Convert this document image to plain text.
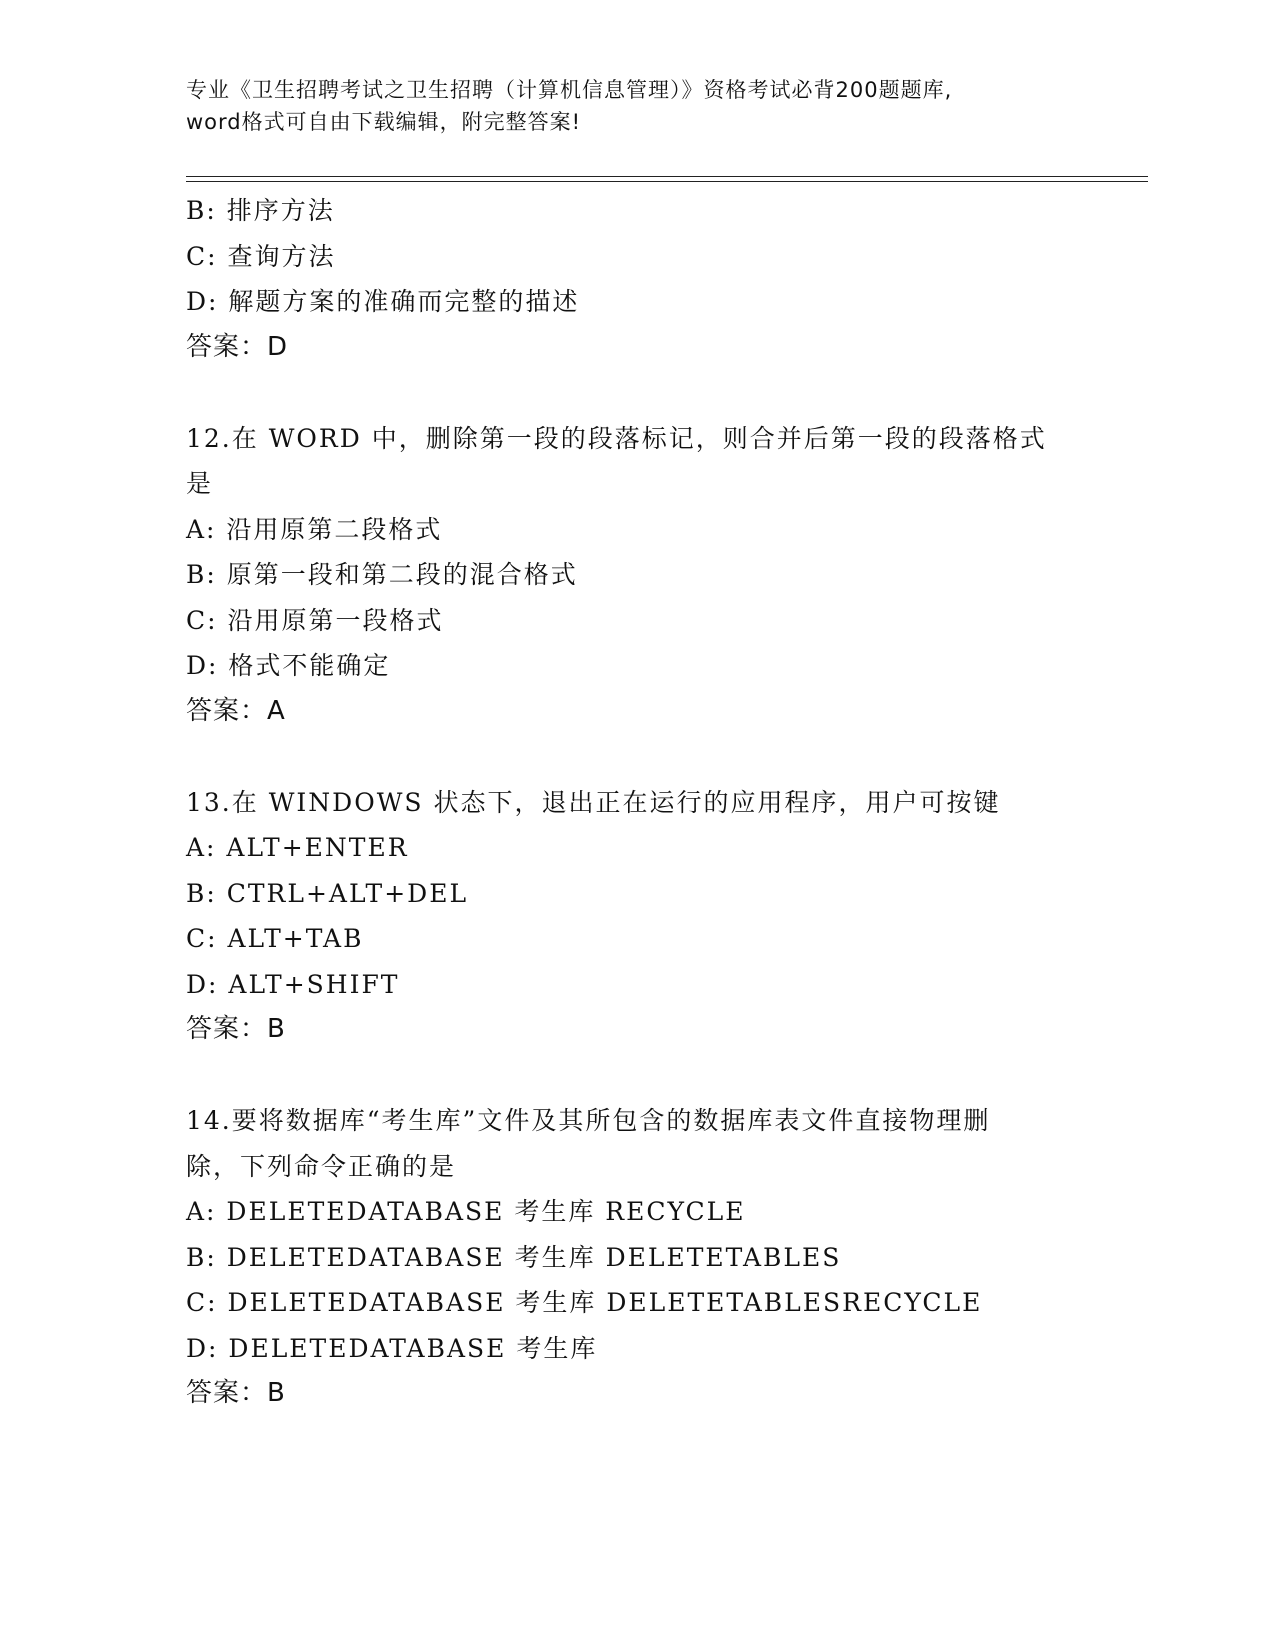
专业《卫生招聘考试之卫生招聘（计算机信息管理）》资格考试必背200题题库,
word格式可自由下载编辑，附完整答案!
B: 排序方法
C: 查询方法
D: 解题方案的准确而完整的描述
答案：D
12.在 WORD 中，删除第一段的段落标记，则合并后第一段的段落格式
是
A: 沿用原第二段格式
B: 原第一段和第二段的混合格式
C: 沿用原第一段格式
D: 格式不能确定
答案：A
13.在 WINDOWS 状态下，退出正在运行的应用程序，用户可按键
A: ALT+ENTER
B: CTRL+ALT+DEL
C: ALT+TAB
D: ALT+SHIFT
答案：B
14.要将数据库“考生库”文件及其所包含的数据库表文件直接物理删
除，下列命令正确的是
A: DELETEDATABASE 考生库 RECYCLE
B: DELETEDATABASE 考生库 DELETETABLES
C: DELETEDATABASE 考生库 DELETETABLESRECYCLE
D: DELETEDATABASE 考生库
答案：B
